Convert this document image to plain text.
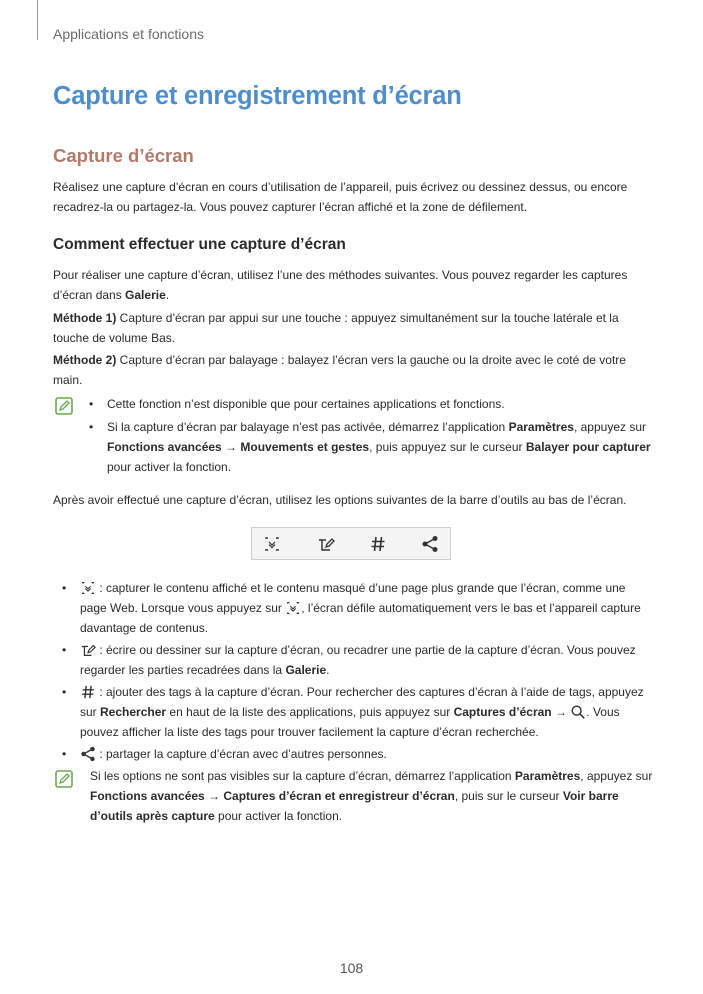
Applications et fonctions
Capture et enregistrement d’écran
Capture d’écran

Réalisez une capture d’écran en cours d’utilisation de l’appareil, puis écrivez ou dessinez dessus, ou encore recadrez-la ou partagez-la. Vous pouvez capturer l’écran affiché et la zone de défilement.

Comment effectuer une capture d’écran

Pour réaliser une capture d’écran, utilisez l’une des méthodes suivantes. Vous pouvez regarder les captures d’écran dans Galerie.

Méthode 1) Capture d’écran par appui sur une touche : appuyez simultanément sur la touche latérale et la touche de volume Bas.

Méthode 2) Capture d’écran par balayage : balayez l’écran vers la gauche ou la droite avec le coté de votre main.

• Cette fonction n’est disponible que pour certaines applications et fonctions.

• Si la capture d’écran par balayage n’est pas activée, démarrez l’application Paramètres, appuyez sur Fonctions avancées → Mouvements et gestes, puis appuyez sur le curseur Balayer pour capturer pour activer la fonction.

Après avoir effectué une capture d’écran, utilisez les options suivantes de la barre d’outils au bas de l’écran.

•	: capturer le contenu affiché et le contenu masqué d’une page plus grande que l’écran, comme une page Web. Lorsque vous appuyez sur , l’écran défile automatiquement vers le bas et l’appareil capture davantage de contenus.

•	: écrire ou dessiner sur la capture d’écran, ou recadrer une partie de la capture d’écran. Vous pouvez regarder les parties recadrées dans la Galerie.

•	: ajouter des tags à la capture d’écran. Pour rechercher des captures d’écran à l’aide de tags, appuyez sur Rechercher en haut de la liste des applications, puis appuyez sur Captures d’écran → . Vous pouvez afficher la liste des tags pour trouver facilement la capture d’écran recherchée.

•	: partager la capture d’écran avec d’autres personnes.

Si les options ne sont pas visibles sur la capture d’écran, démarrez l’application Paramètres, appuyez sur Fonctions avancées → Captures d’écran et enregistreur d’écran, puis sur le curseur Voir barre d’outils après capture pour activer la fonction.

108
